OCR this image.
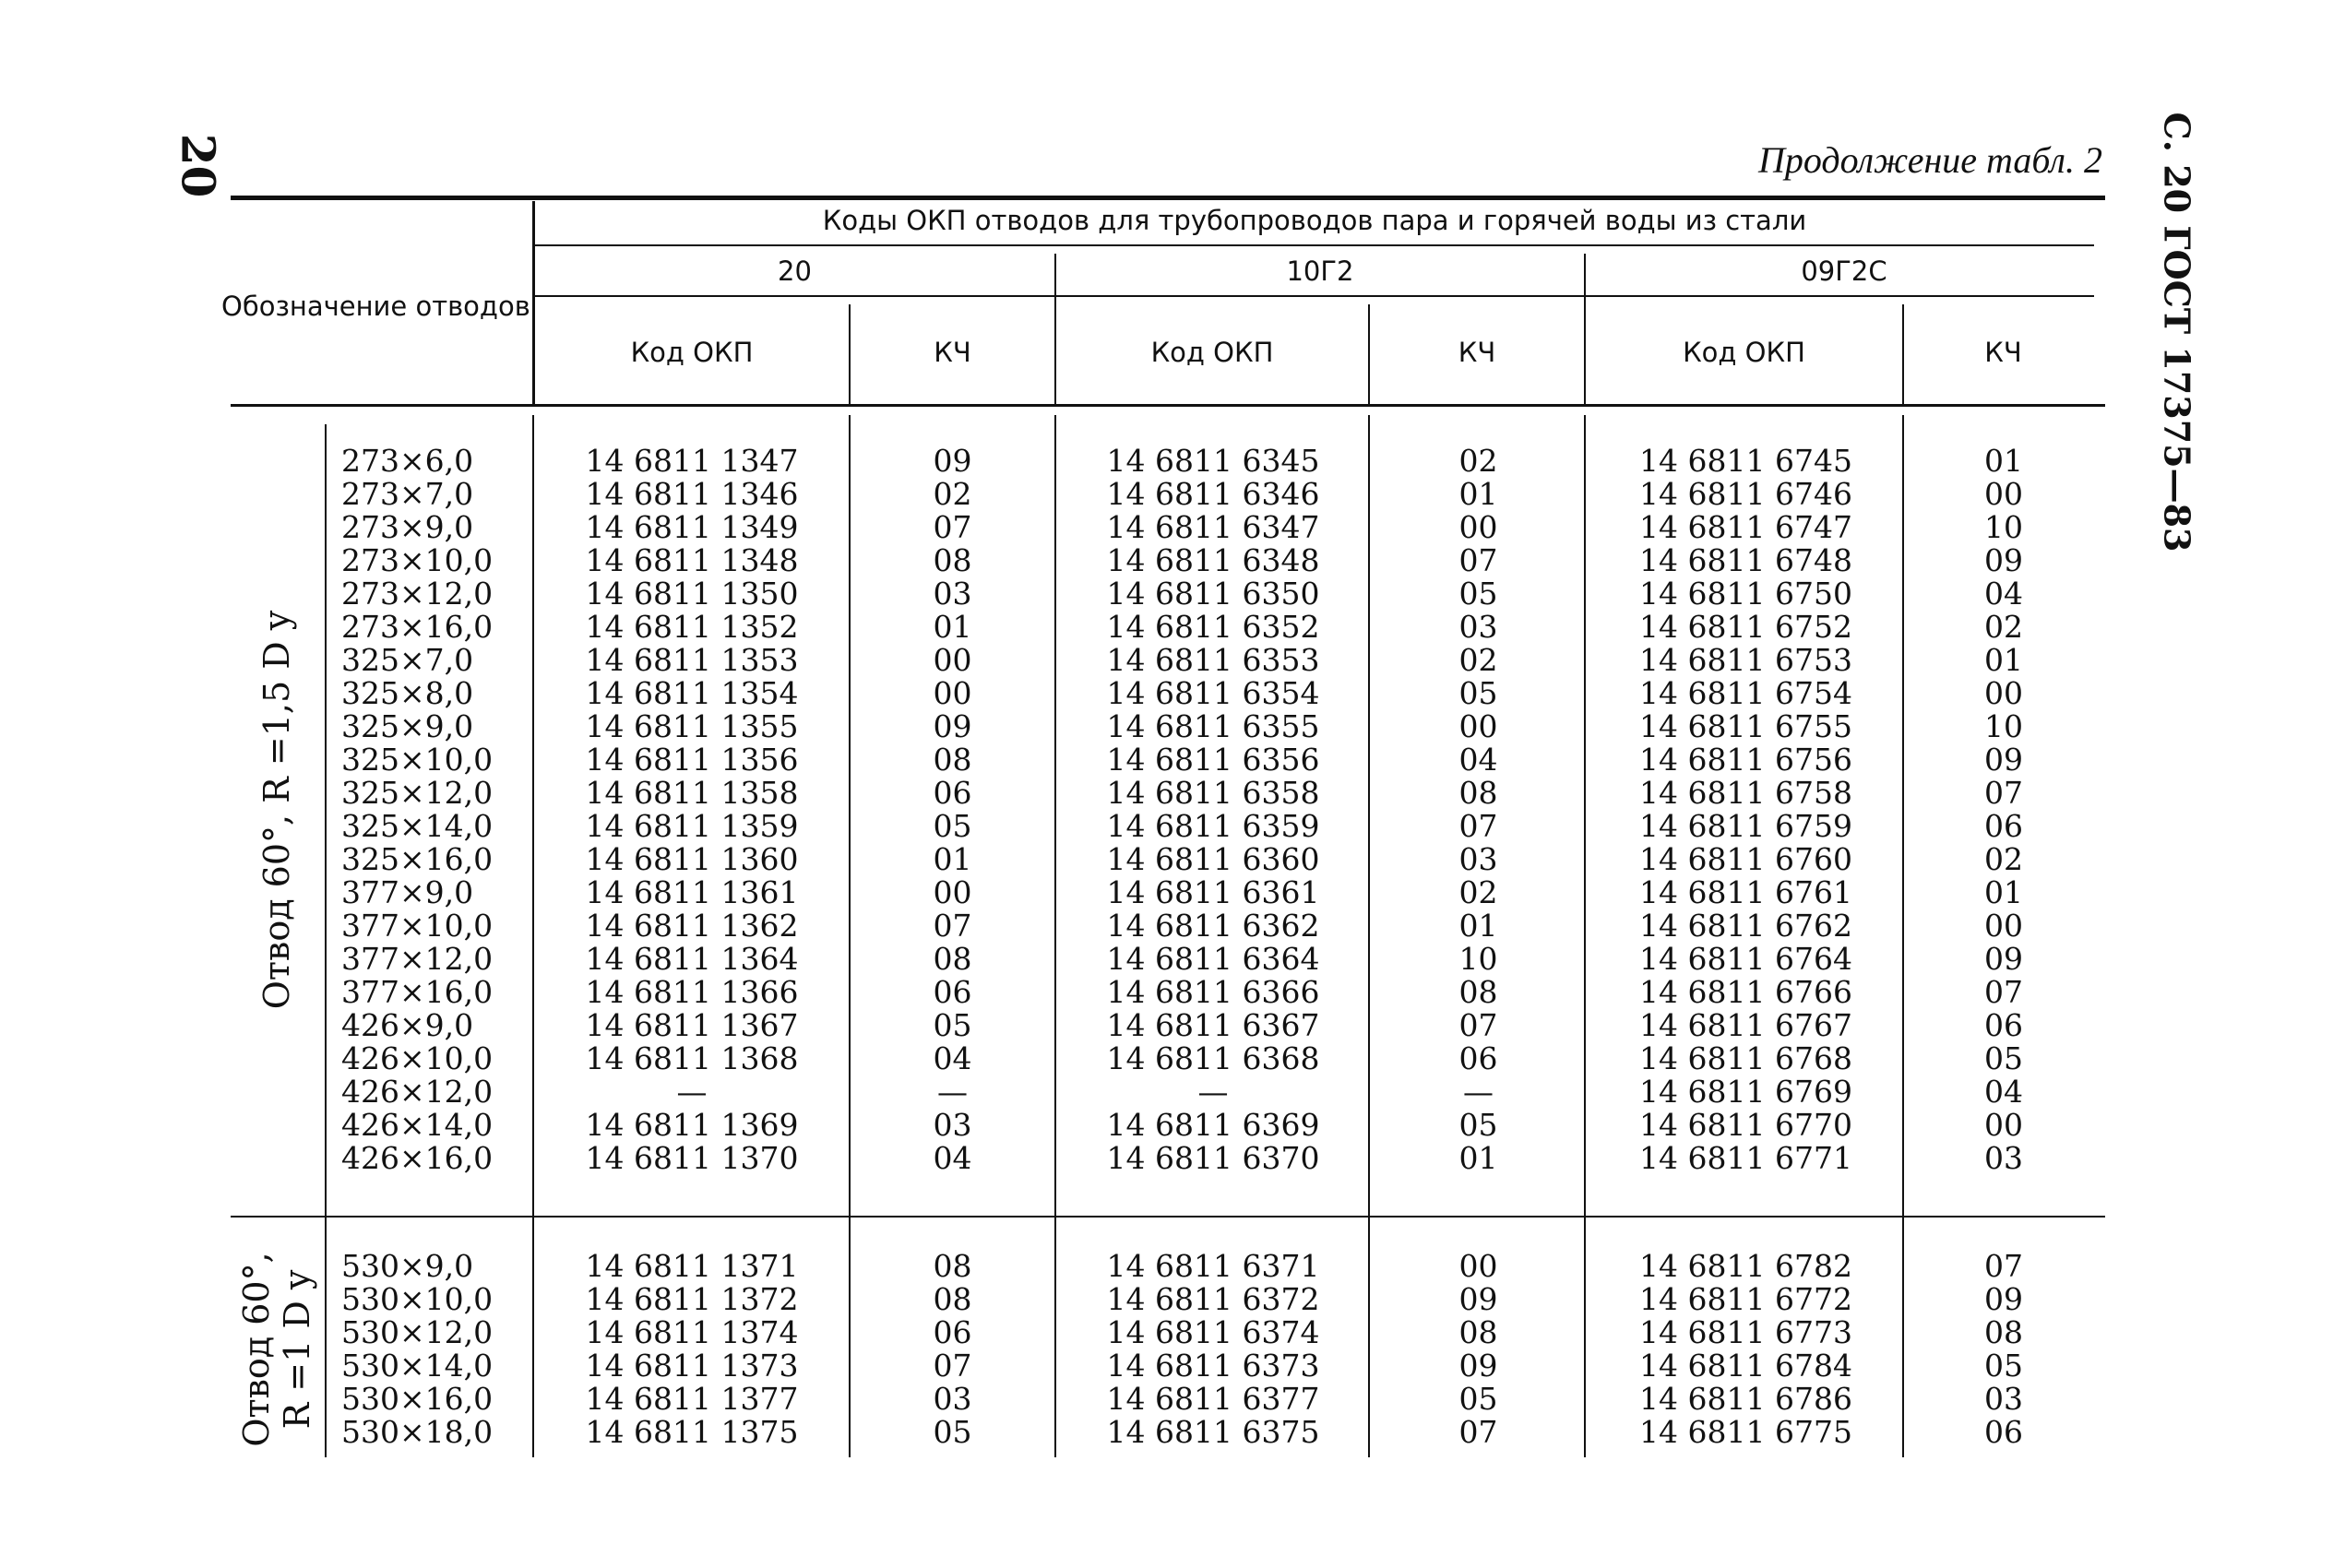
20	Продолжение табл. 2 С. 20 ГОСТ 17375—83
Обозначение отводов
Коды ОКП отводов для трубопроводов пара и горячей воды из стали
20	10Г2	09Г2С
Код ОКП	КЧ	Код ОКП	КЧ	Код ОКП	КЧ
273×6,0	14 6811 1347	09	14 6811 6345	02	14 6811 6745	01
273×7,0	14 6811 1346	02	14 6811 6346	01	14 6811 6746	00
273×9,0	14 6811 1349	07	14 6811 6347	00	14 6811 6747	10
273×10,0	14 6811 1348	08	14 6811 6348	07	14 6811 6748	09
273×12,0	14 6811 1350	03	14 6811 6350	05	14 6811 6750	04
273×16,0	14 6811 1352	01	14 6811 6352	03	14 6811 6752	02
325×7,0	14 6811 1353	00	14 6811 6353	02	14 6811 6753	01
325×8,0	14 6811 1354	00	14 6811 6354	05	14 6811 6754	00
325×9,0	14 6811 1355	09	14 6811 6355	00	14 6811 6755	10
325×10,0	14 6811 1356	08	14 6811 6356	04	14 6811 6756	09
325×12,0	14 6811 1358	06	14 6811 6358	08	14 6811 6758	07
325×14,0	14 6811 1359	05	14 6811 6359	07	14 6811 6759	06
325×16,0	14 6811 1360	01	14 6811 6360	03	14 6811 6760	02
377×9,0	14 6811 1361	00	14 6811 6361	02	14 6811 6761	01
377×10,0	14 6811 1362	07	14 6811 6362	01	14 6811 6762	00
377×12,0	14 6811 1364	08	14 6811 6364	10	14 6811 6764	09
377×16,0	14 6811 1366	06	14 6811 6366	08	14 6811 6766	07
426×9,0	14 6811 1367	05	14 6811 6367	07	14 6811 6767	06
426×10,0	14 6811 1368	04	14 6811 6368	06	14 6811 6768	05
426×12,0	—	—	—	—	14 6811 6769	04
426×14,0	14 6811 1369	03	14 6811 6369	05	14 6811 6770	00
426×16,0	14 6811 1370	04	14 6811 6370	01	14 6811 6771	03
Отвод 60°, R =1,5 D y
530×9,0	14 6811 1371	08	14 6811 6371	00	14 6811 6782	07
530×10,0	14 6811 1372	08	14 6811 6372	09	14 6811 6772	09
530×12,0	14 6811 1374	06	14 6811 6374	08	14 6811 6773	08
530×14,0	14 6811 1373	07	14 6811 6373	09	14 6811 6784	05
530×16,0	14 6811 1377	03	14 6811 6377	05	14 6811 6786	03
530×18,0	14 6811 1375	05	14 6811 6375	07	14 6811 6775	06
Отвод 60°, R =1 D y
